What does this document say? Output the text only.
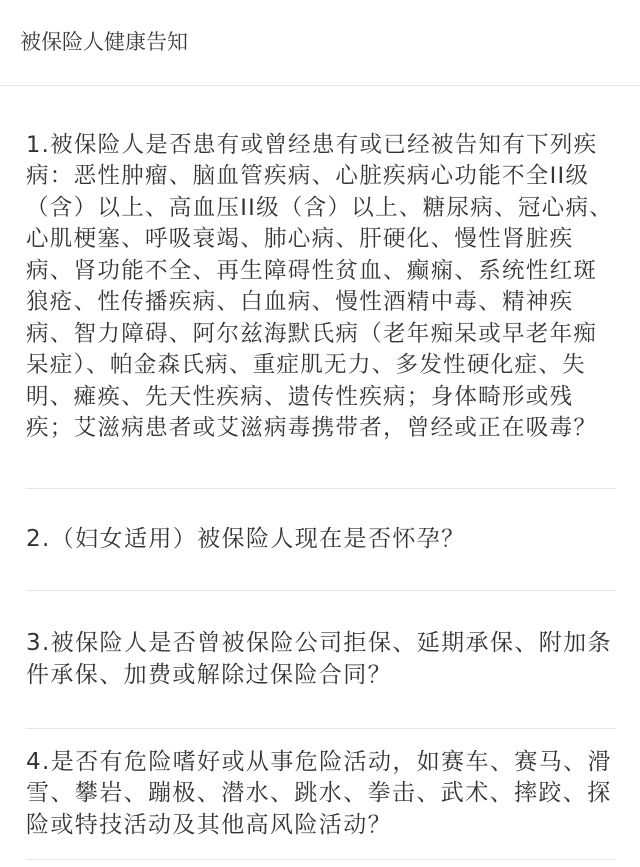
被保险人健康告知

1.被保险人是否患有或曾经患有或已经被告知有下列疾病：恶性肿瘤、脑血管疾病、心脏疾病心功能不全II级（含）以上、高血压II级（含）以上、糖尿病、冠心病、心肌梗塞、呼吸衰竭、肺心病、肝硬化、慢性肾脏疾病、肾功能不全、再生障碍性贫血、癫痫、系统性红斑狼疮、性传播疾病、白血病、慢性酒精中毒、精神疾病、智力障碍、阿尔兹海默氏病（老年痴呆或早老年痴呆症）、帕金森氏病、重症肌无力、多发性硬化症、失明、瘫痪、先天性疾病、遗传性疾病；身体畸形或残疾；艾滋病患者或艾滋病毒携带者，曾经或正在吸毒？

2.（妇女适用）被保险人现在是否怀孕？

3.被保险人是否曾被保险公司拒保、延期承保、附加条件承保、加费或解除过保险合同？

4.是否有危险嗜好或从事危险活动，如赛车、赛马、滑雪、攀岩、蹦极、潜水、跳水、拳击、武术、摔跤、探险或特技活动及其他高风险活动？
